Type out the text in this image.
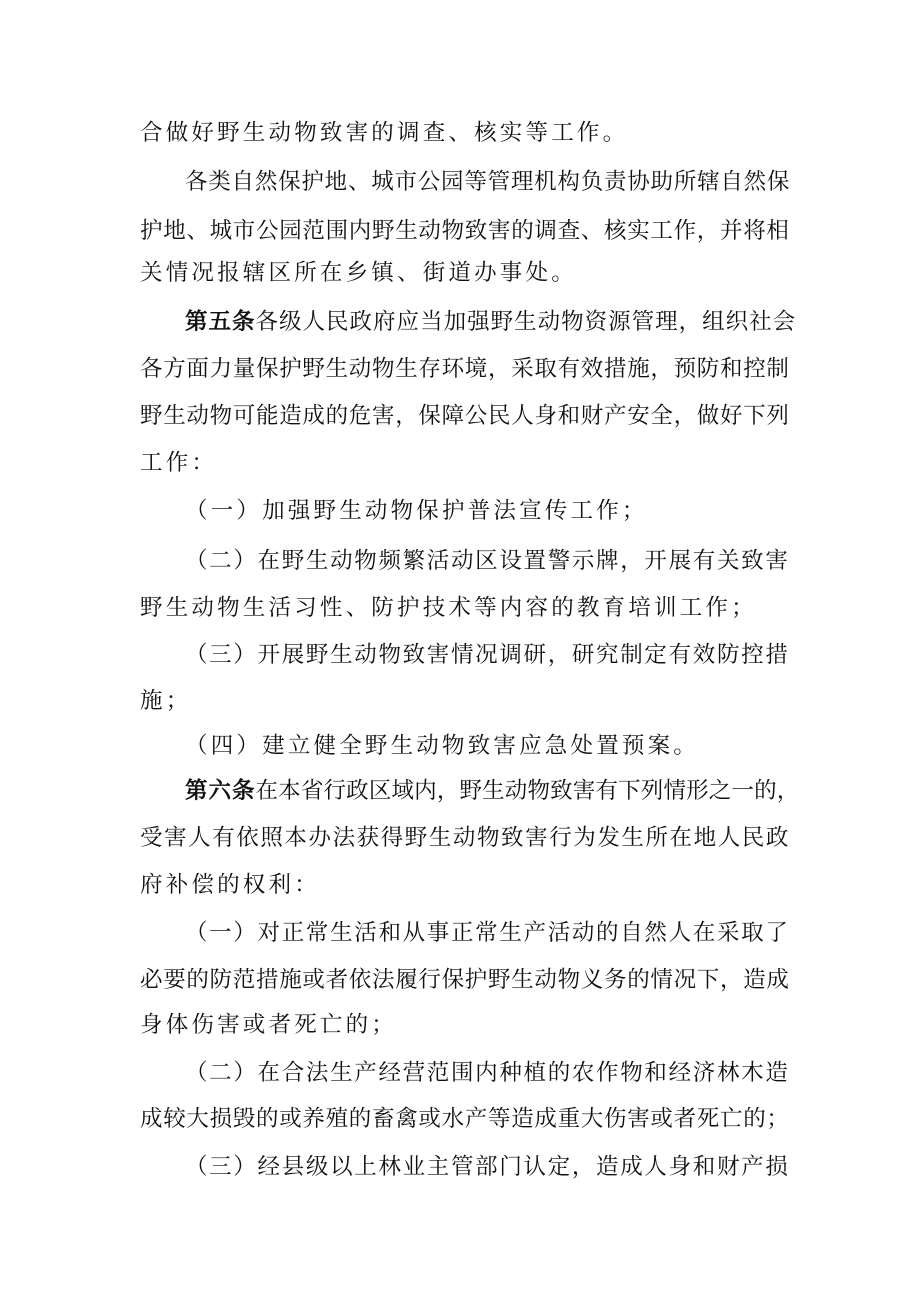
合做好野生动物致害的调查、核实等工作。
各类自然保护地、城市公园等管理机构负责协助所辖自然保
护地、城市公园范围内野生动物致害的调查、核实工作，并将相
关情况报辖区所在乡镇、街道办事处。
第五条各级人民政府应当加强野生动物资源管理，组织社会
各方面力量保护野生动物生存环境，采取有效措施，预防和控制
野生动物可能造成的危害，保障公民人身和财产安全，做好下列
工作：
（一）加强野生动物保护普法宣传工作；
（二）在野生动物频繁活动区设置警示牌，开展有关致害
野生动物生活习性、防护技术等内容的教育培训工作；
（三）开展野生动物致害情况调研，研究制定有效防控措
施；
（四）建立健全野生动物致害应急处置预案。
第六条在本省行政区域内，野生动物致害有下列情形之一的，
受害人有依照本办法获得野生动物致害行为发生所在地人民政
府补偿的权利：
（一）对正常生活和从事正常生产活动的自然人在采取了
必要的防范措施或者依法履行保护野生动物义务的情况下，造成
身体伤害或者死亡的；
（二）在合法生产经营范围内种植的农作物和经济林木造
成较大损毁的或养殖的畜禽或水产等造成重大伤害或者死亡的；
（三）经县级以上林业主管部门认定，造成人身和财产损
